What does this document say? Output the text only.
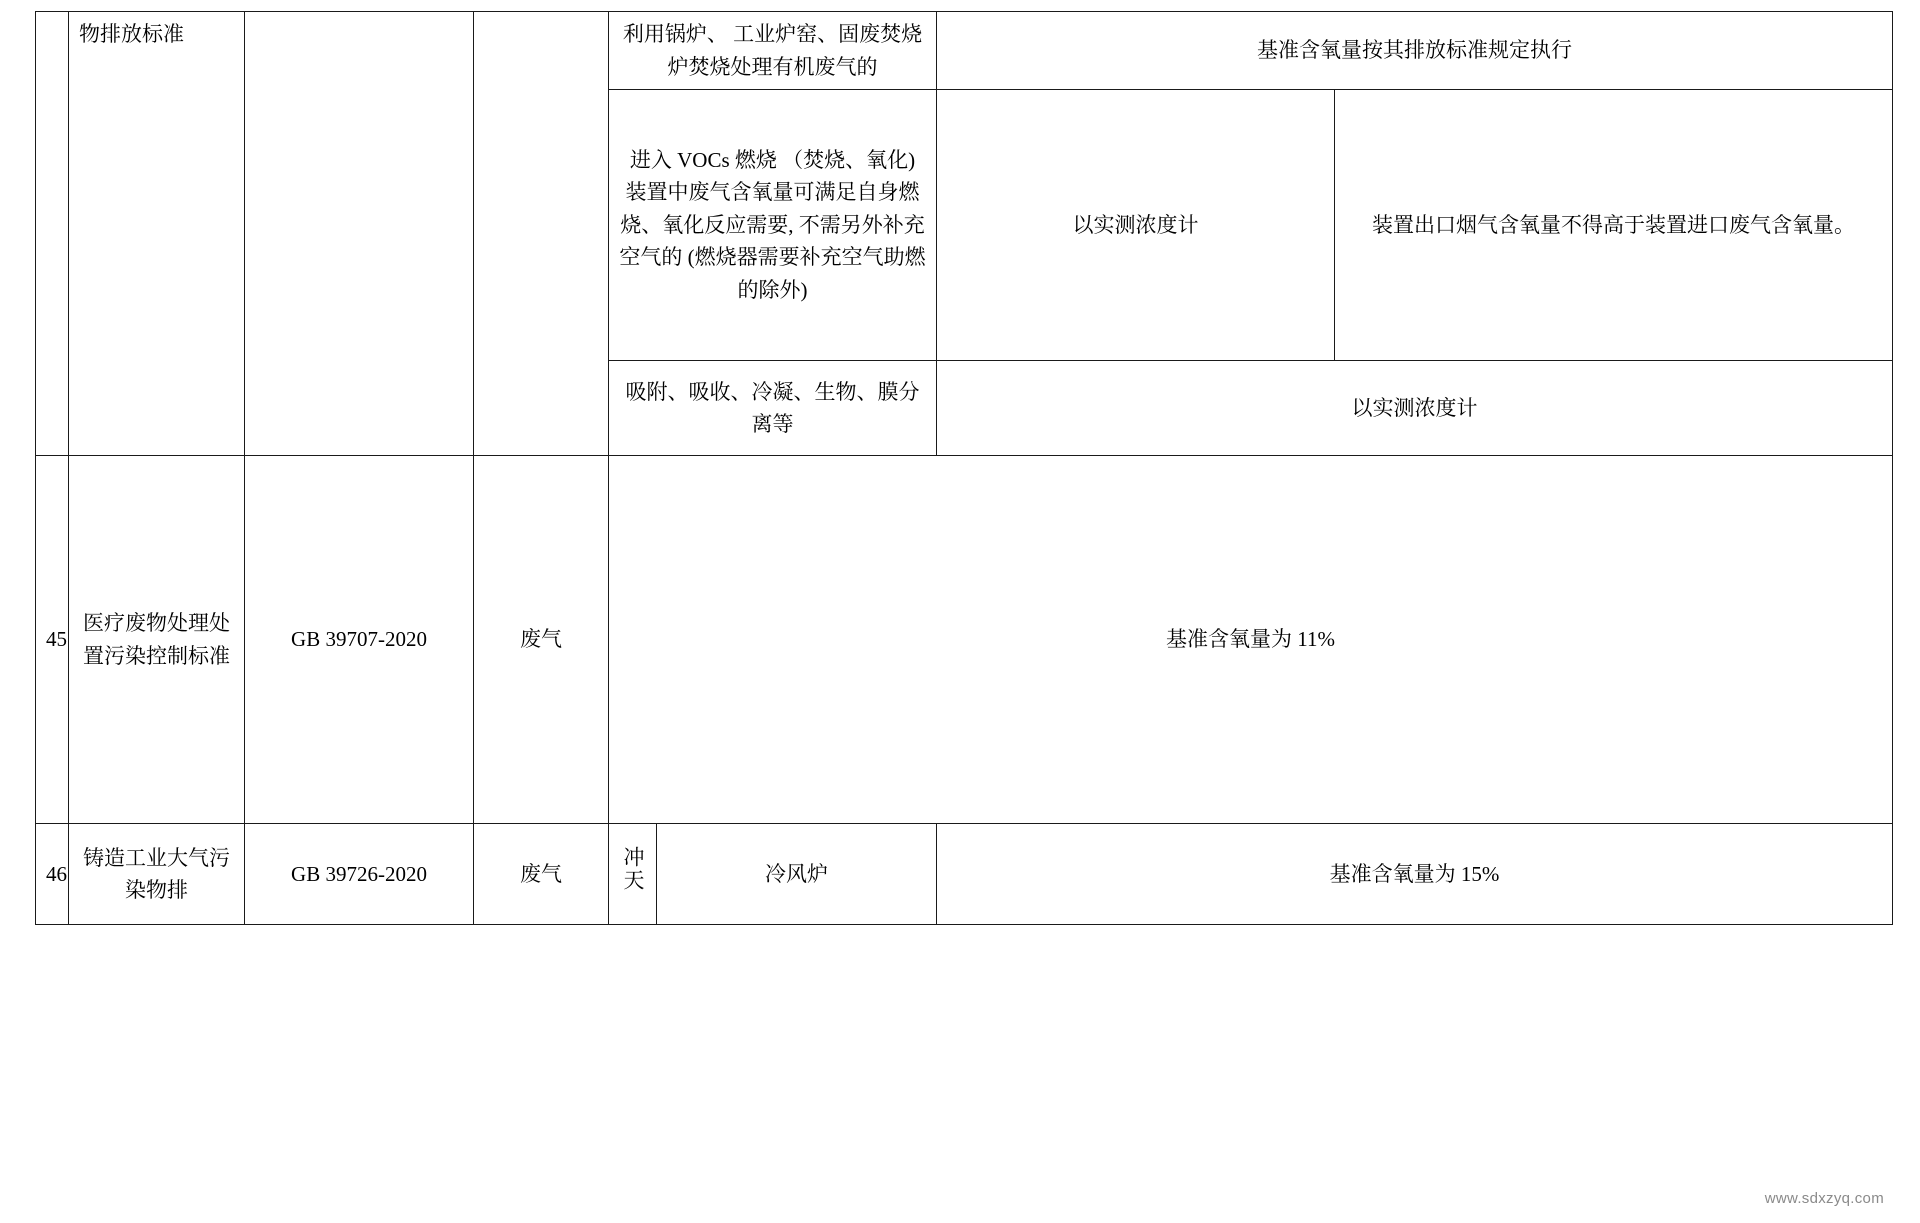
	物排放标准			利用锅炉、 工业炉窑、固废焚烧炉焚烧处理有机废气的		基准含氧量按其排放标准规定执行	
				进入 VOCs 燃烧 （焚烧、氧化) 装置中废气含氧量可满足自身燃烧、氧化反应需要, 不需另外补充空气的 (燃烧器需要补充空气助燃的除外)		以实测浓度计	装置出口烟气含氧量不得高于装置进口废气含氧量。
				吸附、吸收、冷凝、生物、膜分离等		以实测浓度计	
45	医疗废物处理处置污染控制标准	GB 39707-2020	废气	基准含氧量为 11%			
46	铸造工业大气污染物排	GB 39726-2020	废气	冲天	冷风炉	基准含氧量为 15%	
www.sdxzyq.com
